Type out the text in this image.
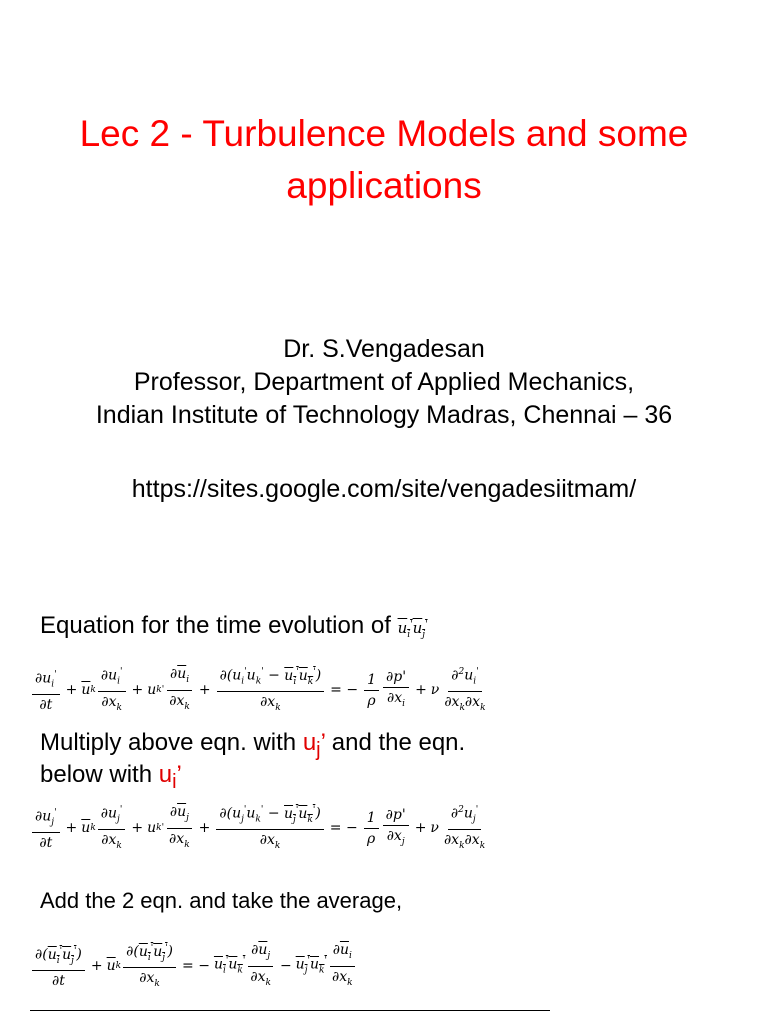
Lec 2 - Turbulence Models and some applications
Dr. S.Vengadesan
Professor, Department of Applied Mechanics,
Indian Institute of Technology Madras, Chennai – 36
https://sites.google.com/site/vengadesiitmam/
Equation for the time evolution of $u_i'u_j'$
$\frac{\partial u_i'}{\partial t} + \overline{u}$ k $\frac{\partial u_i'}{\partial x_k} + u$ k ' $\frac{\partial\overline{u}_i}{\partial x_k} + \frac{\partial(u_i'u_k' - u_i'u_k')}{\partial x_k}$ = − $\frac{1}{\rho} \frac{\partial p'}{\partial x_i} + \nu \frac{\partial^2u_i'}{\partial x_k\partial x_k}$
Multiply above eqn. with $u_j$’ and the eqn.
below with $u_i$’
$\frac{\partial u_j'}{\partial t} + \overline{u}$ k $\frac{\partial u_j'}{\partial x_k} + u$ k ' $\frac{\partial\overline{u}_j}{\partial x_k} + \frac{\partial(u_j'u_k' - u_j'u_k')}{\partial x_k}$ = − $\frac{1}{\rho} \frac{\partial p'}{\partial x_j} + \nu \frac{\partial^2u_j'}{\partial x_k\partial x_k}$
Add the 2 eqn. and take the average,
$\frac{\partial(u_i'u_j')}{\partial t} + \overline{u}$ k $\frac{\partial(u_i'u_j')}{\partial x_k}$ = − $u_i'u_k' \frac{\partial\overline{u}_j}{\partial x_k} - u_j'u_k' \frac{\partial\overline{u}_i}{\partial x_k}$
